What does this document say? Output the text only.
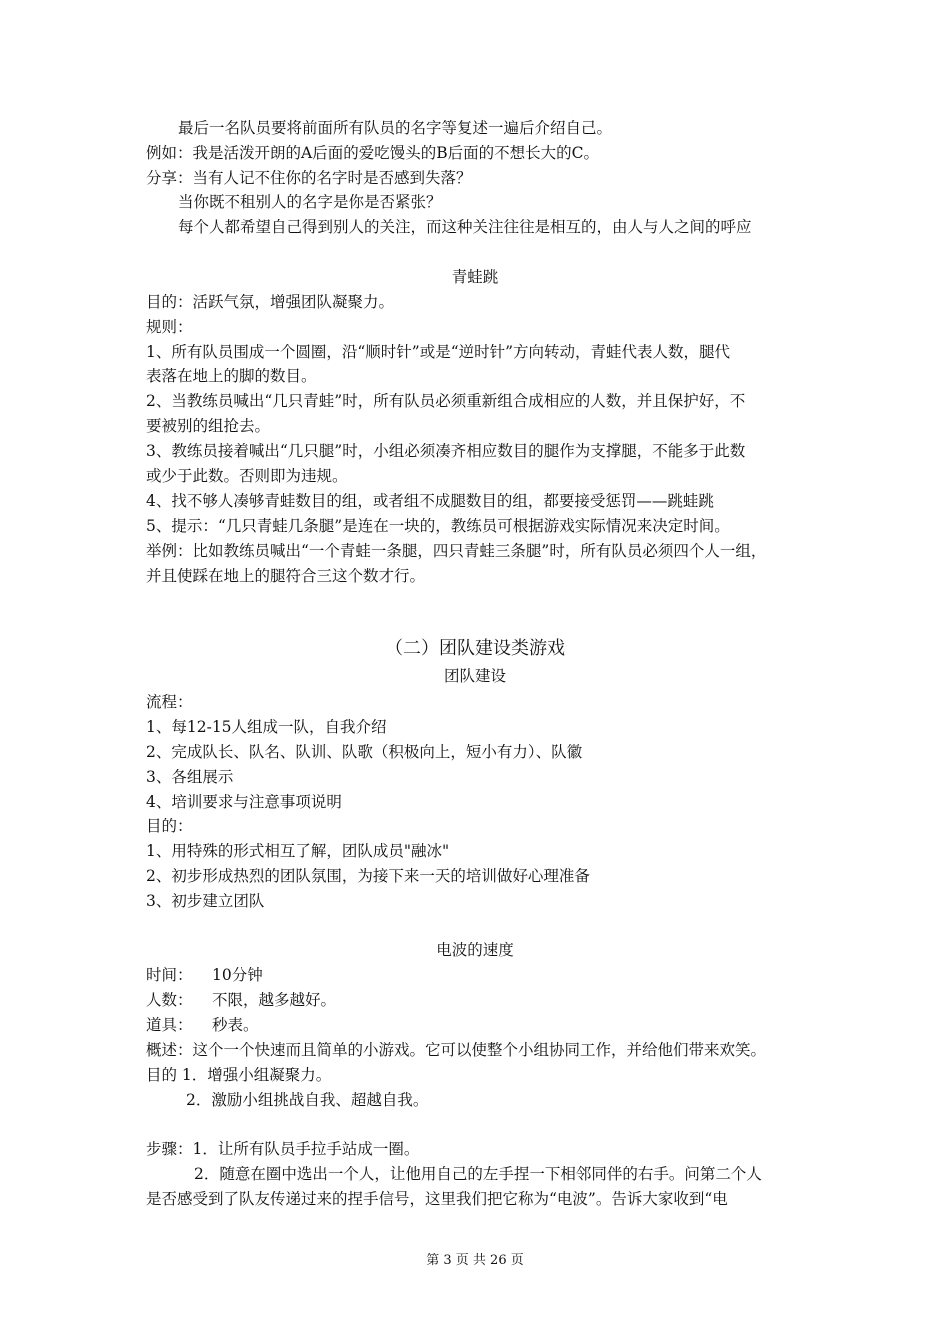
最后一名队员要将前面所有队员的名字等复述一遍后介绍自己。
例如：我是活泼开朗的A后面的爱吃馒头的B后面的不想长大的C。
分享：当有人记不住你的名字时是否感到失落？
当你既不租别人的名字是你是否紧张？
每个人都希望自己得到别人的关注，而这种关注往往是相互的，由人与人之间的呼应
青蛙跳
目的：活跃气氛，增强团队凝聚力。
规则：
1、所有队员围成一个圆圈，沿“顺时针”或是“逆时针”方向转动，青蛙代表人数，腿代
表落在地上的脚的数目。
2、当教练员喊出“几只青蛙”时，所有队员必须重新组合成相应的人数，并且保护好，不
要被别的组抢去。
3、教练员接着喊出“几只腿”时，小组必须凑齐相应数目的腿作为支撑腿，不能多于此数
或少于此数。否则即为违规。
4、找不够人凑够青蛙数目的组，或者组不成腿数目的组，都要接受惩罚——跳蛙跳
5、提示：“几只青蛙几条腿”是连在一块的，教练员可根据游戏实际情况来决定时间。
举例：比如教练员喊出“一个青蛙一条腿，四只青蛙三条腿”时，所有队员必须四个人一组，
并且使踩在地上的腿符合三这个数才行。
（二）团队建设类游戏
团队建设
流程：
1、每12-15人组成一队，自我介绍
2、完成队长、队名、队训、队歌（积极向上，短小有力）、队徽
3、各组展示
4、培训要求与注意事项说明
目的：
1、用特殊的形式相互了解，团队成员"融冰"
2、初步形成热烈的团队氛围，为接下来一天的培训做好心理准备
3、初步建立团队
电波的速度
时间： 10分钟
人数： 不限，越多越好。
道具： 秒表。
概述：这个一个快速而且简单的小游戏。它可以使整个小组协同工作，并给他们带来欢笑。
目的 1．增强小组凝聚力。
2．激励小组挑战自我、超越自我。
步骤：1．让所有队员手拉手站成一圈。
2．随意在圈中选出一个人，让他用自己的左手捏一下相邻同伴的右手。问第二个人
是否感受到了队友传递过来的捏手信号，这里我们把它称为“电波”。告诉大家收到“电
第 3 页 共 26 页
